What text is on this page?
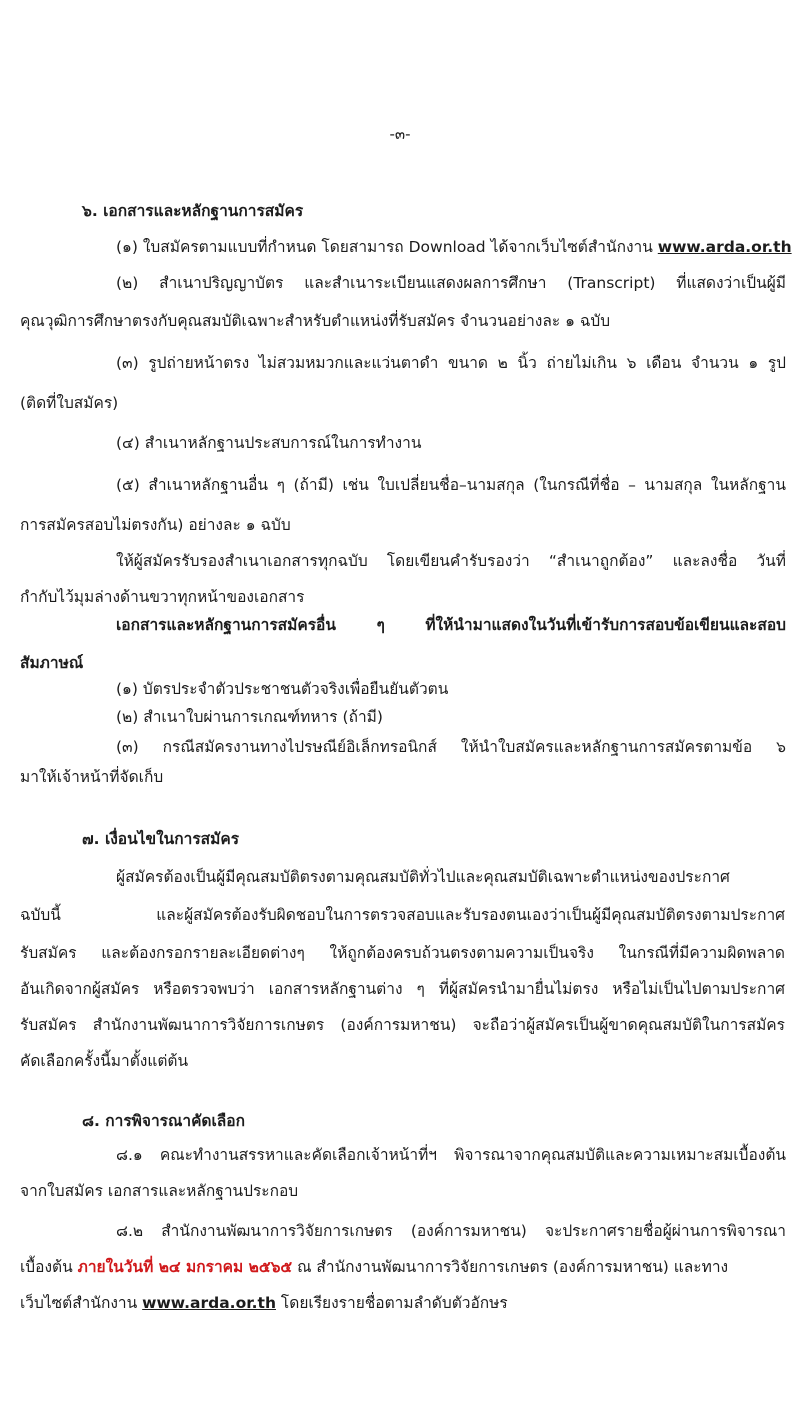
-๓-
๖. เอกสารและหลักฐานการสมัคร
(๑) ใบสมัครตามแบบที่กำหนด โดยสามารถ Download ได้จากเว็บไซต์สำนักงาน www.arda.or.th
(๒) สำเนาปริญญาบัตร และสำเนาระเบียนแสดงผลการศึกษา (Transcript) ที่แสดงว่าเป็นผู้มี
คุณวุฒิการศึกษาตรงกับคุณสมบัติเฉพาะสำหรับตำแหน่งที่รับสมัคร จำนวนอย่างละ ๑ ฉบับ
(๓) รูปถ่ายหน้าตรง ไม่สวมหมวกและแว่นตาดำ ขนาด ๒ นิ้ว ถ่ายไม่เกิน ๖ เดือน จำนวน ๑ รูป
(ติดที่ใบสมัคร)
(๔) สำเนาหลักฐานประสบการณ์ในการทำงาน
(๕) สำเนาหลักฐานอื่น ๆ (ถ้ามี) เช่น ใบเปลี่ยนชื่อ–นามสกุล (ในกรณีที่ชื่อ – นามสกุล ในหลักฐาน
การสมัครสอบไม่ตรงกัน) อย่างละ ๑ ฉบับ
ให้ผู้สมัครรับรองสำเนาเอกสารทุกฉบับ โดยเขียนคำรับรองว่า “สำเนาถูกต้อง” และลงชื่อ วันที่
กำกับไว้มุมล่างด้านขวาทุกหน้าของเอกสาร
เอกสารและหลักฐานการสมัครอื่น ๆ ที่ให้นำมาแสดงในวันที่เข้ารับการสอบข้อเขียนและสอบ
สัมภาษณ์
(๑) บัตรประจำตัวประชาชนตัวจริงเพื่อยืนยันตัวตน
(๒) สำเนาใบผ่านการเกณฑ์ทหาร (ถ้ามี)
(๓) กรณีสมัครงานทางไปรษณีย์อิเล็กทรอนิกส์ ให้นำใบสมัครและหลักฐานการสมัครตามข้อ ๖
มาให้เจ้าหน้าที่จัดเก็บ
๗. เงื่อนไขในการสมัคร
ผู้สมัครต้องเป็นผู้มีคุณสมบัติตรงตามคุณสมบัติทั่วไปและคุณสมบัติเฉพาะตำแหน่งของประกาศ
ฉบับนี้ และผู้สมัครต้องรับผิดชอบในการตรวจสอบและรับรองตนเองว่าเป็นผู้มีคุณสมบัติตรงตามประกาศ
รับสมัคร และต้องกรอกรายละเอียดต่างๆ ให้ถูกต้องครบถ้วนตรงตามความเป็นจริง ในกรณีที่มีความผิดพลาด
อันเกิดจากผู้สมัคร หรือตรวจพบว่า เอกสารหลักฐานต่าง ๆ ที่ผู้สมัครนำมายื่นไม่ตรง หรือไม่เป็นไปตามประกาศ
รับสมัคร สำนักงานพัฒนาการวิจัยการเกษตร (องค์การมหาชน) จะถือว่าผู้สมัครเป็นผู้ขาดคุณสมบัติในการสมัคร
คัดเลือกครั้งนี้มาตั้งแต่ต้น
๘. การพิจารณาคัดเลือก
๘.๑ คณะทำงานสรรหาและคัดเลือกเจ้าหน้าที่ฯ พิจารณาจากคุณสมบัติและความเหมาะสมเบื้องต้น
จากใบสมัคร เอกสารและหลักฐานประกอบ
๘.๒ สำนักงานพัฒนาการวิจัยการเกษตร (องค์การมหาชน) จะประกาศรายชื่อผู้ผ่านการพิจารณา
เบื้องต้น ภายในวันที่ ๒๔ มกราคม ๒๕๖๕ ณ สำนักงานพัฒนาการวิจัยการเกษตร (องค์การมหาชน) และทาง
เว็บไซต์สำนักงาน www.arda.or.th โดยเรียงรายชื่อตามลำดับตัวอักษร
